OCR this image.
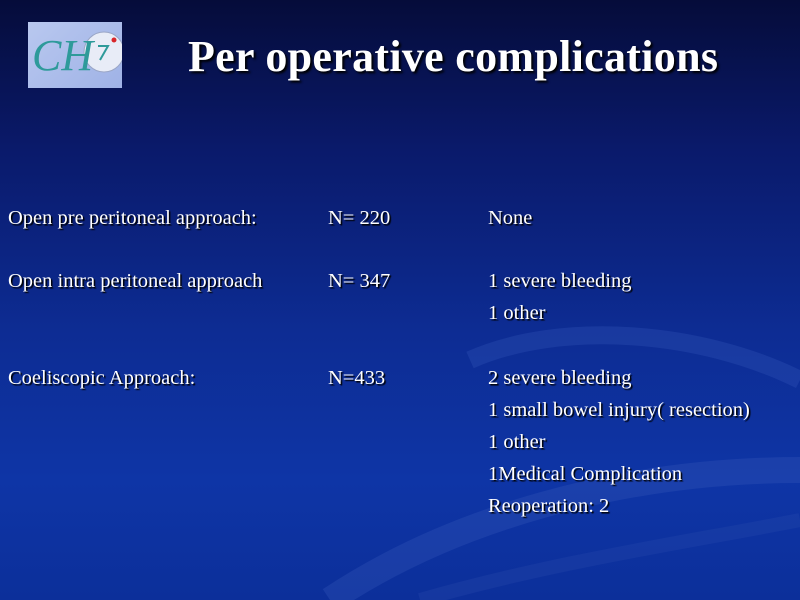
CH Per operative complications
Open pre peritoneal approach:	N= 220	None
Open intra peritoneal approach	N= 347	1 severe bleeding
1 other
Coeliscopic Approach:	N=433	2 severe bleeding
1 small bowel injury( resection)
1 other
1Medical Complication
Reoperation: 2
